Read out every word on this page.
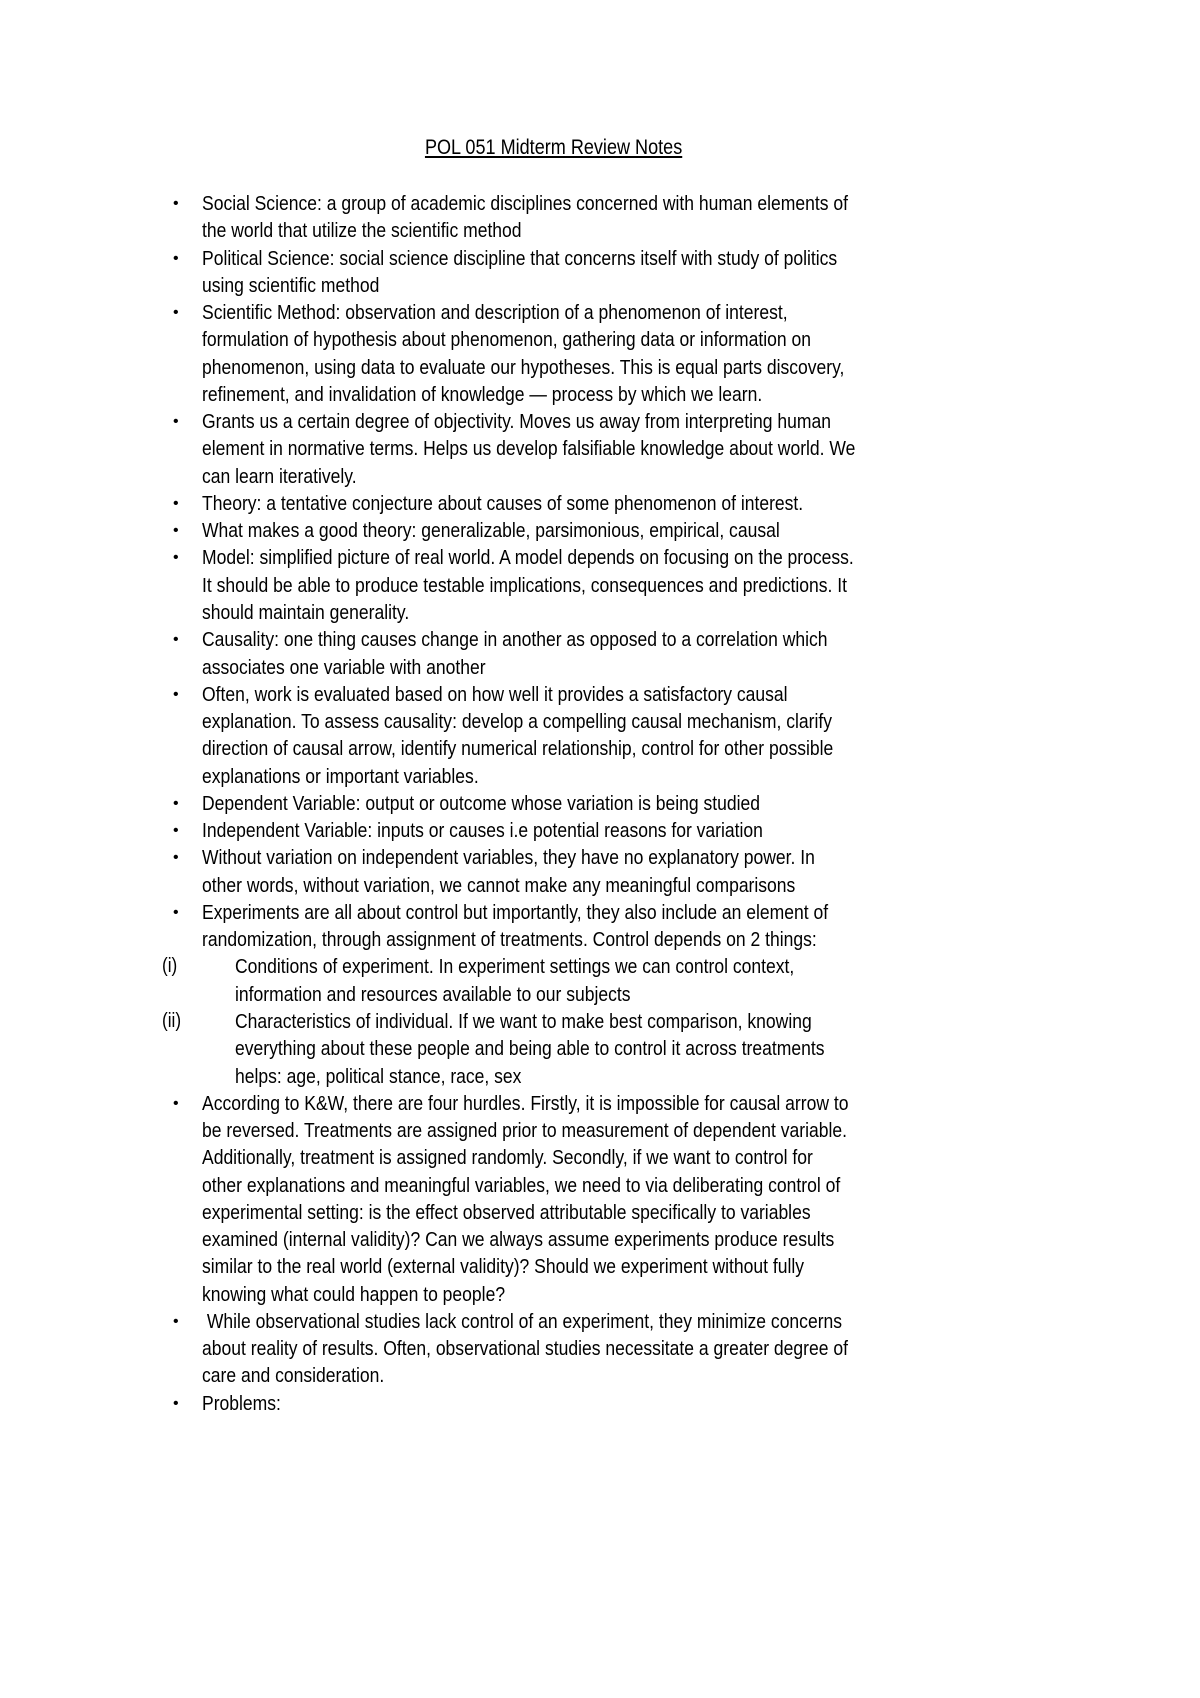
POL 051 Midterm Review Notes
• Social Science: a group of academic disciplines concerned with human elements of
the world that utilize the scientific method
• Political Science: social science discipline that concerns itself with study of politics
using scientific method
• Scientific Method: observation and description of a phenomenon of interest,
formulation of hypothesis about phenomenon, gathering data or information on
phenomenon, using data to evaluate our hypotheses. This is equal parts discovery,
refinement, and invalidation of knowledge — process by which we learn.
• Grants us a certain degree of objectivity. Moves us away from interpreting human
element in normative terms. Helps us develop falsifiable knowledge about world. We
can learn iteratively.
• Theory: a tentative conjecture about causes of some phenomenon of interest.
• What makes a good theory: generalizable, parsimonious, empirical, causal
• Model: simplified picture of real world. A model depends on focusing on the process.
It should be able to produce testable implications, consequences and predictions. It
should maintain generality.
• Causality: one thing causes change in another as opposed to a correlation which
associates one variable with another
• Often, work is evaluated based on how well it provides a satisfactory causal
explanation. To assess causality: develop a compelling causal mechanism, clarify
direction of causal arrow, identify numerical relationship, control for other possible
explanations or important variables.
• Dependent Variable: output or outcome whose variation is being studied
• Independent Variable: inputs or causes i.e potential reasons for variation
• Without variation on independent variables, they have no explanatory power. In
other words, without variation, we cannot make any meaningful comparisons
• Experiments are all about control but importantly, they also include an element of
randomization, through assignment of treatments. Control depends on 2 things:
(i)	Conditions of experiment. In experiment settings we can control context,
information and resources available to our subjects
(ii)	Characteristics of individual. If we want to make best comparison, knowing
everything about these people and being able to control it across treatments
helps: age, political stance, race, sex
• According to K&W, there are four hurdles. Firstly, it is impossible for causal arrow to
be reversed. Treatments are assigned prior to measurement of dependent variable.
Additionally, treatment is assigned randomly. Secondly, if we want to control for
other explanations and meaningful variables, we need to via deliberating control of
experimental setting: is the effect observed attributable specifically to variables
examined (internal validity)? Can we always assume experiments produce results
similar to the real world (external validity)? Should we experiment without fully
knowing what could happen to people?
• While observational studies lack control of an experiment, they minimize concerns
about reality of results. Often, observational studies necessitate a greater degree of
care and consideration.
• Problems:
